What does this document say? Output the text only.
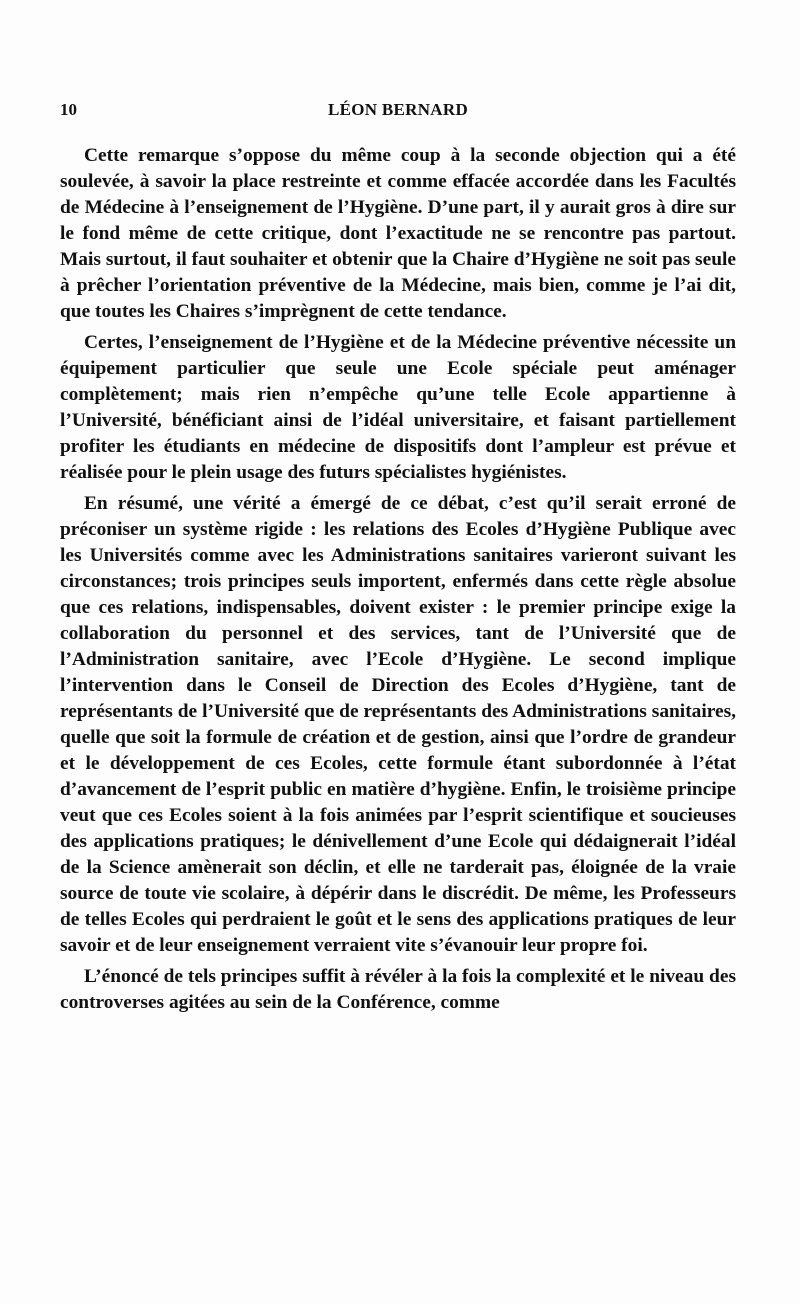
10	LÉON BERNARD

Cette remarque s’oppose du même coup à la seconde objection qui a été soulevée, à savoir la place restreinte et comme effacée accordée dans les Facultés de Médecine à l’enseignement de l’Hygiène. D’une part, il y aurait gros à dire sur le fond même de cette critique, dont l’exactitude ne se rencontre pas partout. Mais surtout, il faut souhaiter et obtenir que la Chaire d’Hygiène ne soit pas seule à prêcher l’orientation préventive de la Médecine, mais bien, comme je l’ai dit, que toutes les Chaires s’imprègnent de cette tendance.

Certes, l’enseignement de l’Hygiène et de la Médecine préventive nécessite un équipement particulier que seule une Ecole spéciale peut aménager complètement; mais rien n’empêche qu’une telle Ecole appartienne à l’Université, bénéficiant ainsi de l’idéal universitaire, et faisant partiellement profiter les étudiants en médecine de dispositifs dont l’ampleur est prévue et réalisée pour le plein usage des futurs spécialistes hygiénistes.

En résumé, une vérité a émergé de ce débat, c’est qu’il serait erroné de préconiser un système rigide : les relations des Ecoles d’Hygiène Publique avec les Universités comme avec les Administrations sanitaires varieront suivant les circonstances; trois principes seuls importent, enfermés dans cette règle absolue que ces relations, indispensables, doivent exister : le premier principe exige la collaboration du personnel et des services, tant de l’Université que de l’Administration sanitaire, avec l’Ecole d’Hygiène. Le second implique l’intervention dans le Conseil de Direction des Ecoles d’Hygiène, tant de représentants de l’Université que de représentants des Administrations sanitaires, quelle que soit la formule de création et de gestion, ainsi que l’ordre de grandeur et le développement de ces Ecoles, cette formule étant subordonnée à l’état d’avancement de l’esprit public en matière d’hygiène. Enfin, le troisième principe veut que ces Ecoles soient à la fois animées par l’esprit scientifique et soucieuses des applications pratiques; le dénivellement d’une Ecole qui dédaignerait l’idéal de la Science amènerait son déclin, et elle ne tarderait pas, éloignée de la vraie source de toute vie scolaire, à dépérir dans le discrédit. De même, les Professeurs de telles Ecoles qui perdraient le goût et le sens des applications pratiques de leur savoir et de leur enseignement verraient vite s’évanouir leur propre foi.

L’énoncé de tels principes suffit à révéler à la fois la complexité et le niveau des controverses agitées au sein de la Conférence, comme
